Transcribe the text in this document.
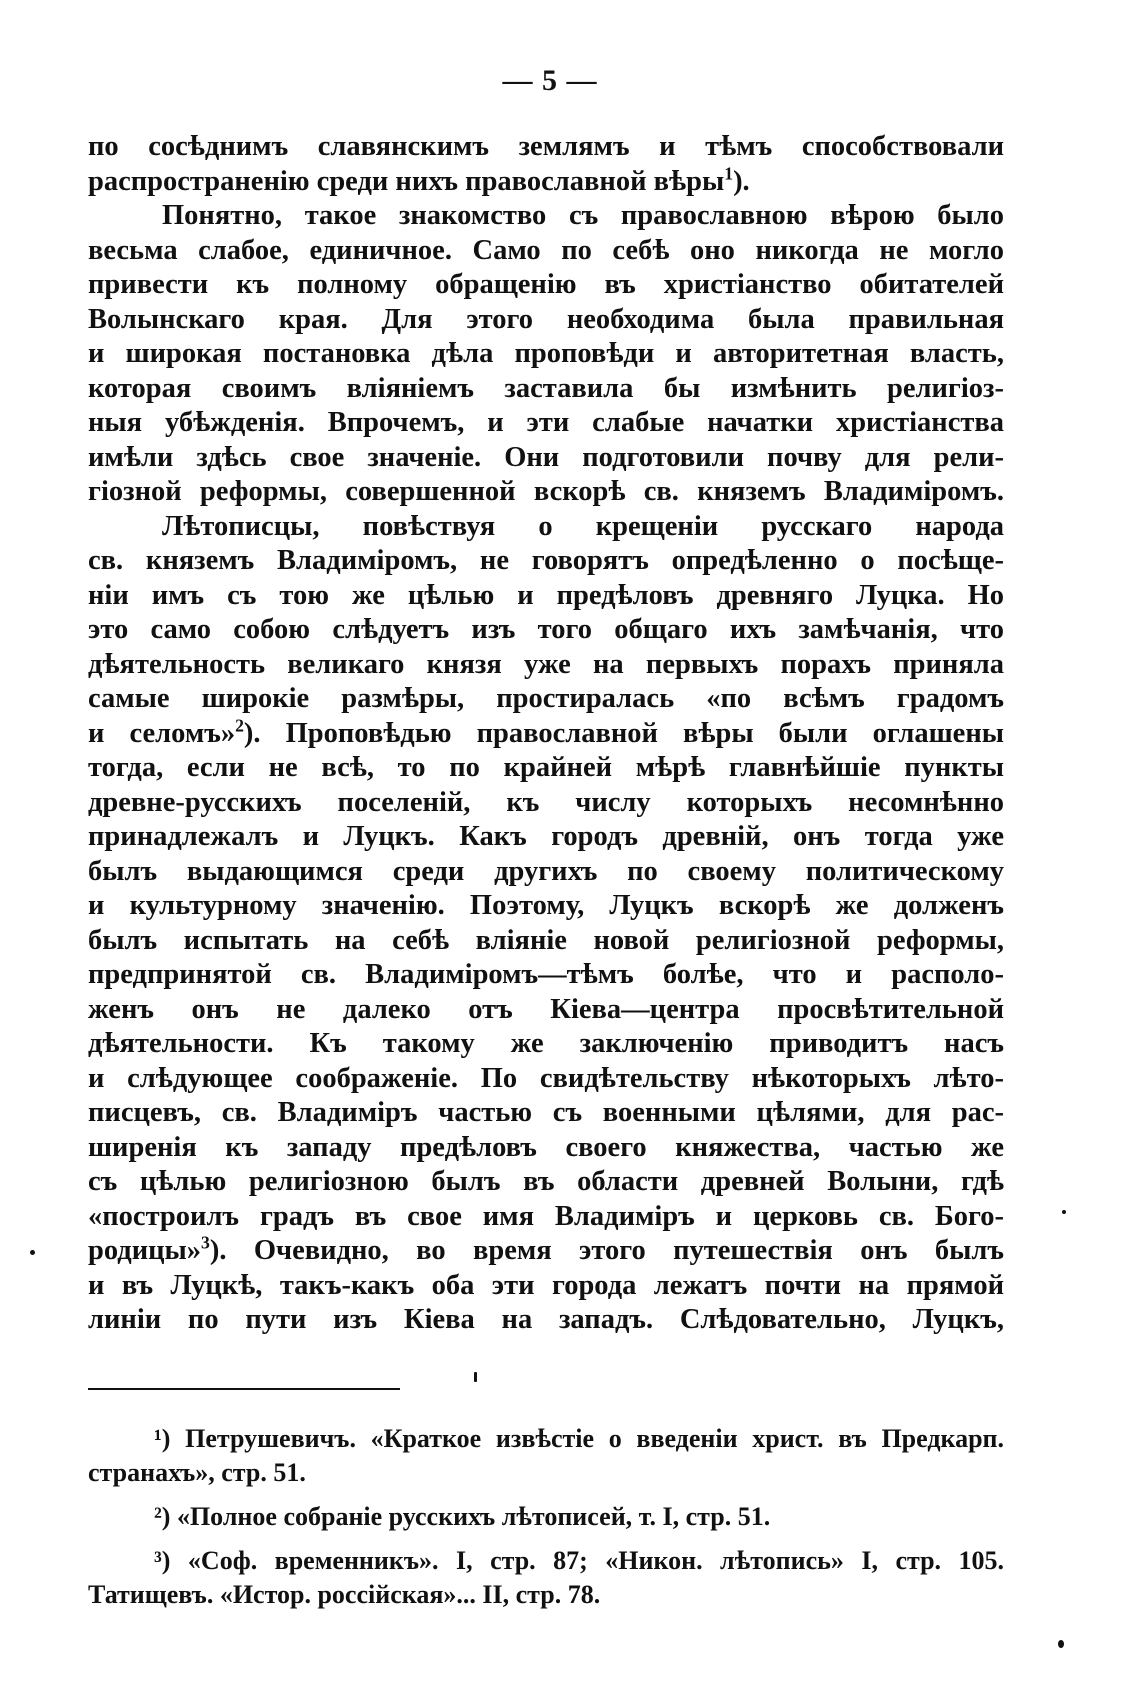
— 5 —
по сосѣднимъ славянскимъ землямъ и тѣмъ способствовали
распространенію среди нихъ православной вѣры$^1$).
Понятно, такое знакомство съ православною вѣрою было
весьма слабое, единичное. Само по себѣ оно никогда не могло
привести къ полному обращенію въ христіанство обитателей
Волынскаго края. Для этого необходима была правильная
и широкая постановка дѣла проповѣди и авторитетная власть,
которая своимъ вліяніемъ заставила бы измѣнить религіоз-
ныя убѣжденія. Впрочемъ, и эти слабые начатки христіанства
имѣли здѣсь свое значеніе. Они подготовили почву для рели-
гіозной реформы, совершенной вскорѣ св. княземъ Владиміромъ.
Лѣтописцы, повѣствуя о крещеніи русскаго народа
св. княземъ Владиміромъ, не говорятъ опредѣленно о посѣще-
ніи имъ съ тою же цѣлью и предѣловъ древняго Луцка. Но
это само собою слѣдуетъ изъ того общаго ихъ замѣчанія, что
дѣятельность великаго князя уже на первыхъ порахъ приняла
самые широкіе размѣры, простиралась «по всѣмъ градомъ
и селомъ»$^2$). Проповѣдью православной вѣры были оглашены
тогда, если не всѣ, то по крайней мѣрѣ главнѣйшіе пункты
древне-русскихъ поселеній, къ числу которыхъ несомнѣнно
принадлежалъ и Луцкъ. Какъ городъ древній, онъ тогда уже
былъ выдающимся среди другихъ по своему политическому
и культурному значенію. Поэтому, Луцкъ вскорѣ же долженъ
былъ испытать на себѣ вліяніе новой религіозной реформы,
предпринятой св. Владиміромъ—тѣмъ болѣе, что и располо-
женъ онъ не далеко отъ Кіева—центра просвѣтительной
дѣятельности. Къ такому же заключенію приводитъ насъ
и слѣдующее соображеніе. По свидѣтельству нѣкоторыхъ лѣто-
писцевъ, св. Владиміръ частью съ военными цѣлями, для рас-
ширенія къ западу предѣловъ своего княжества, частью же
съ цѣлью религіозною былъ въ области древней Волыни, гдѣ
«построилъ градъ въ свое имя Владиміръ и церковь св. Бого-
родицы»$^3$). Очевидно, во время этого путешествія онъ былъ
и въ Луцкѣ, такъ-какъ оба эти города лежатъ почти на прямой
линіи по пути изъ Кіева на западъ. Слѣдовательно, Луцкъ,
¹) Петрушевичъ. «Краткое извѣстіе о введеніи христ. въ Предкарп.
странахъ», стр. 51.
²) «Полное собраніе русскихъ лѣтописей, т. I, стр. 51.
³) «Соф. временникъ». I, стр. 87; «Никон. лѣтопись» I, стр. 105.
Татищевъ. «Истор. россійская»... II, стр. 78.
